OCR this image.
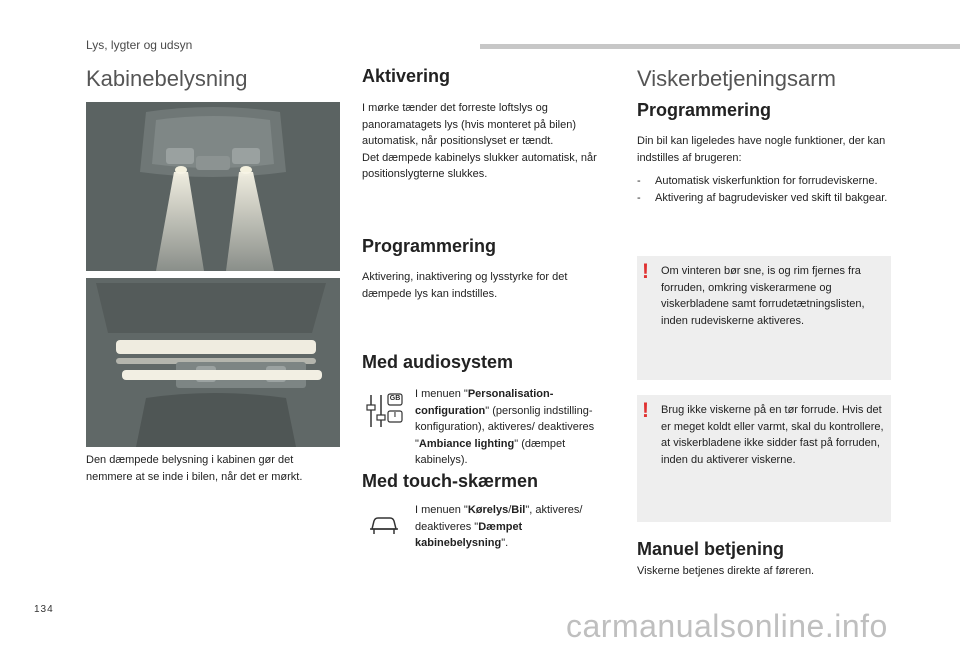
Lys, lygter og udsyn
Kabinebelysning
Den dæmpede belysning i kabinen gør det nemmere at se inde i bilen, når det er mørkt.
Aktivering
I mørke tænder det forreste loftslys og panoramatagets lys (hvis monteret på bilen) automatisk, når positionslyset er tændt.
Det dæmpede kabinelys slukker automatisk, når positionslygterne slukkes.
Programmering
Aktivering, inaktivering og lysstyrke for det dæmpede lys kan indstilles.
Med audiosystem
GB
I
I menuen "Personalisation-configuration" (personlig indstilling-konfiguration), aktiveres/ deaktiveres "Ambiance lighting" (dæmpet kabinelys).
Med touch-skærmen
I menuen "Kørelys/Bil", aktiveres/ deaktiveres "Dæmpet kabinebelysning".
Viskerbetjeningsarm
Programmering
Din bil kan ligeledes have nogle funktioner, der kan indstilles af brugeren:
-	Automatisk viskerfunktion for forrudeviskerne.
-	Aktivering af bagrudevisker ved skift til bakgear.
! Om vinteren bør sne, is og rim fjernes fra forruden, omkring viskerarmene og viskerbladene samt forrudetætningslisten, inden rudeviskerne aktiveres.
! Brug ikke viskerne på en tør forrude. Hvis det er meget koldt eller varmt, skal du kontrollere, at viskerbladene ikke sidder fast på forruden, inden du aktiverer viskerne.
Manuel betjening
Viskerne betjenes direkte af føreren.
134	carmanualsonline.info
